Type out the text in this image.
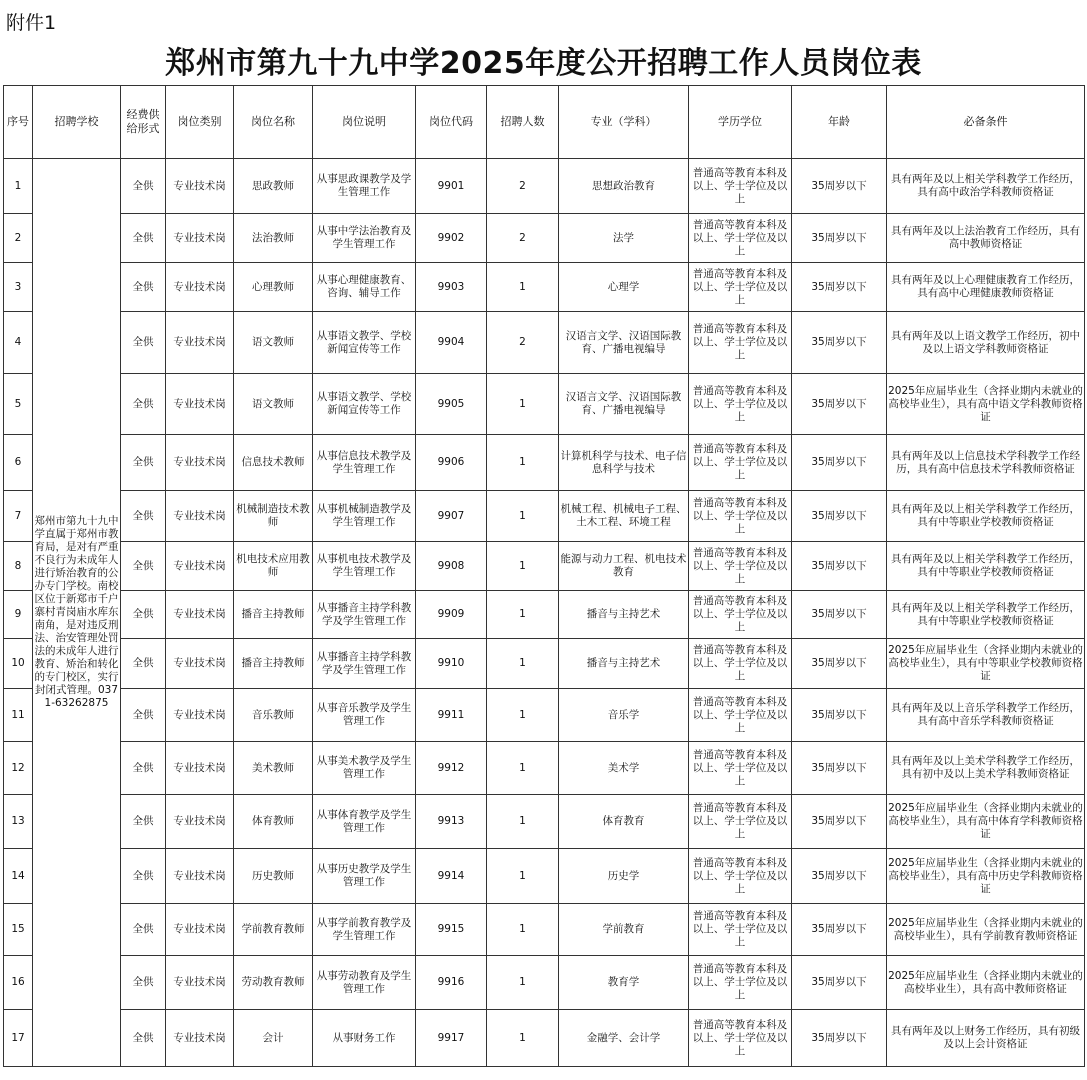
附件1
郑州市第九十九中学2025年度公开招聘工作人员岗位表
序号	招聘学校	经费供给形式	岗位类别	岗位名称	岗位说明	岗位代码	招聘人数	专业（学科）	学历学位	年龄	必备条件
1	郑州市第九十九中学直属于郑州市教育局，是对有严重不良行为未成年人进行矫治教育的公办专门学校。南校区位于新郑市千户寨村青岗庙水库东南角，是对违反刑法、治安管理处罚法的未成年人进行教育、矫治和转化的专门校区，实行封闭式管理。0371-63262875	全供	专业技术岗	思政教师	从事思政课教学及学生管理工作	9901	2	思想政治教育	普通高等教育本科及以上、学士学位及以上	35周岁以下	具有两年及以上相关学科教学工作经历，具有高中政治学科教师资格证
2		全供	专业技术岗	法治教师	从事中学法治教育及学生管理工作	9902	2	法学	普通高等教育本科及以上、学士学位及以上	35周岁以下	具有两年及以上法治教育工作经历，具有高中教师资格证
3		全供	专业技术岗	心理教师	从事心理健康教育、咨询、辅导工作	9903	1	心理学	普通高等教育本科及以上、学士学位及以上	35周岁以下	具有两年及以上心理健康教育工作经历，具有高中心理健康教师资格证
4		全供	专业技术岗	语文教师	从事语文教学、学校新闻宣传等工作	9904	2	汉语言文学、汉语国际教育、广播电视编导	普通高等教育本科及以上、学士学位及以上	35周岁以下	具有两年及以上语文教学工作经历，初中及以上语文学科教师资格证
5		全供	专业技术岗	语文教师	从事语文教学、学校新闻宣传等工作	9905	1	汉语言文学、汉语国际教育、广播电视编导	普通高等教育本科及以上、学士学位及以上	35周岁以下	2025年应届毕业生（含择业期内未就业的高校毕业生），具有高中语文学科教师资格证
6		全供	专业技术岗	信息技术教师	从事信息技术教学及学生管理工作	9906	1	计算机科学与技术、电子信息科学与技术	普通高等教育本科及以上、学士学位及以上	35周岁以下	具有两年及以上信息技术学科教学工作经历，具有高中信息技术学科教师资格证
7		全供	专业技术岗	机械制造技术教师	从事机械制造教学及学生管理工作	9907	1	机械工程、机械电子工程、土木工程、环境工程	普通高等教育本科及以上、学士学位及以上	35周岁以下	具有两年及以上相关学科教学工作经历，具有中等职业学校教师资格证
8		全供	专业技术岗	机电技术应用教师	从事机电技术教学及学生管理工作	9908	1	能源与动力工程、机电技术教育	普通高等教育本科及以上、学士学位及以上	35周岁以下	具有两年及以上相关学科教学工作经历，具有中等职业学校教师资格证
9		全供	专业技术岗	播音主持教师	从事播音主持学科教学及学生管理工作	9909	1	播音与主持艺术	普通高等教育本科及以上、学士学位及以上	35周岁以下	具有两年及以上相关学科教学工作经历，具有中等职业学校教师资格证
10		全供	专业技术岗	播音主持教师	从事播音主持学科教学及学生管理工作	9910	1	播音与主持艺术	普通高等教育本科及以上、学士学位及以上	35周岁以下	2025年应届毕业生（含择业期内未就业的高校毕业生），具有中等职业学校教师资格证
11		全供	专业技术岗	音乐教师	从事音乐教学及学生管理工作	9911	1	音乐学	普通高等教育本科及以上、学士学位及以上	35周岁以下	具有两年及以上音乐学科教学工作经历，具有高中音乐学科教师资格证
12		全供	专业技术岗	美术教师	从事美术教学及学生管理工作	9912	1	美术学	普通高等教育本科及以上、学士学位及以上	35周岁以下	具有两年及以上美术学科教学工作经历，具有初中及以上美术学科教师资格证
13		全供	专业技术岗	体育教师	从事体育教学及学生管理工作	9913	1	体育教育	普通高等教育本科及以上、学士学位及以上	35周岁以下	2025年应届毕业生（含择业期内未就业的高校毕业生），具有高中体育学科教师资格证
14		全供	专业技术岗	历史教师	从事历史教学及学生管理工作	9914	1	历史学	普通高等教育本科及以上、学士学位及以上	35周岁以下	2025年应届毕业生（含择业期内未就业的高校毕业生），具有高中历史学科教师资格证
15		全供	专业技术岗	学前教育教师	从事学前教育教学及学生管理工作	9915	1	学前教育	普通高等教育本科及以上、学士学位及以上	35周岁以下	2025年应届毕业生（含择业期内未就业的高校毕业生），具有学前教育教师资格证
16		全供	专业技术岗	劳动教育教师	从事劳动教育及学生管理工作	9916	1	教育学	普通高等教育本科及以上、学士学位及以上	35周岁以下	2025年应届毕业生（含择业期内未就业的高校毕业生），具有高中教师资格证
17		全供	专业技术岗	会计	从事财务工作	9917	1	金融学、会计学	普通高等教育本科及以上、学士学位及以上	35周岁以下	具有两年及以上财务工作经历，具有初级及以上会计资格证
